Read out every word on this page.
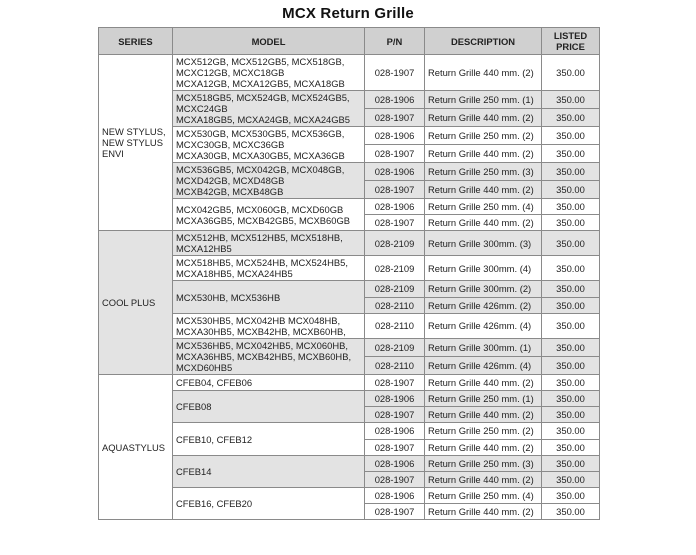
MCX Return Grille
SERIES	MODEL	P/N	DESCRIPTION	LISTED
PRICE

NEW STYLUS,
NEW STYLUS
ENVI	MCX512GB, MCX512GB5, MCX518GB,
MCXC12GB, MCXC18GB
MCXA12GB, MCXA12GB5, MCXA18GB	028-1907	Return Grille 440 mm. (2)	350.00

	MCX518GB5, MCX524GB, MCX524GB5,
MCXC24GB
MCXA18GB5, MCXA24GB, MCXA24GB5	028-1906	Return Grille 250 mm. (1)	350.00
		028-1907	Return Grille 440 mm. (2)	350.00

	MCX530GB, MCX530GB5, MCX536GB,
MCXC30GB, MCXC36GB
MCXA30GB, MCXA30GB5, MCXA36GB	028-1906	Return Grille 250 mm. (2)	350.00
		028-1907	Return Grille 440 mm. (2)	350.00

	MCX536GB5, MCX042GB, MCX048GB,
MCXD42GB, MCXD48GB
MCXB42GB, MCXB48GB	028-1906	Return Grille 250 mm. (3)	350.00
		028-1907	Return Grille 440 mm. (2)	350.00

	MCX042GB5, MCX060GB, MCXD60GB
MCXA36GB5, MCXB42GB5, MCXB60GB	028-1906	Return Grille 250 mm. (4)	350.00
		028-1907	Return Grille 440 mm. (2)	350.00

COOL PLUS	MCX512HB, MCX512HB5, MCX518HB,
MCXA12HB5	028-2109	Return Grille 300mm. (3)	350.00

	MCX518HB5, MCX524HB, MCX524HB5,
MCXA18HB5, MCXA24HB5	028-2109	Return Grille 300mm. (4)	350.00

	MCX530HB, MCX536HB	028-2109	Return Grille 300mm. (2)	350.00
		028-2110	Return Grille 426mm. (2)	350.00

	MCX530HB5, MCX042HB MCX048HB,
MCXA30HB5, MCXB42HB, MCXB60HB,	028-2110	Return Grille 426mm. (4)	350.00

	MCX536HB5, MCX042HB5, MCX060HB,
MCXA36HB5, MCXB42HB5, MCXB60HB,
MCXD60HB5	028-2109	Return Grille 300mm. (1)	350.00
		028-2110	Return Grille 426mm. (4)	350.00

AQUASTYLUS	CFEB04, CFEB06	028-1907	Return Grille 440 mm. (2)	350.00

	CFEB08	028-1906	Return Grille 250 mm. (1)	350.00
		028-1907	Return Grille 440 mm. (2)	350.00

	CFEB10, CFEB12	028-1906	Return Grille 250 mm. (2)	350.00
		028-1907	Return Grille 440 mm. (2)	350.00

	CFEB14	028-1906	Return Grille 250 mm. (3)	350.00
		028-1907	Return Grille 440 mm. (2)	350.00

	CFEB16, CFEB20	028-1906	Return Grille 250 mm. (4)	350.00
		028-1907	Return Grille 440 mm. (2)	350.00
